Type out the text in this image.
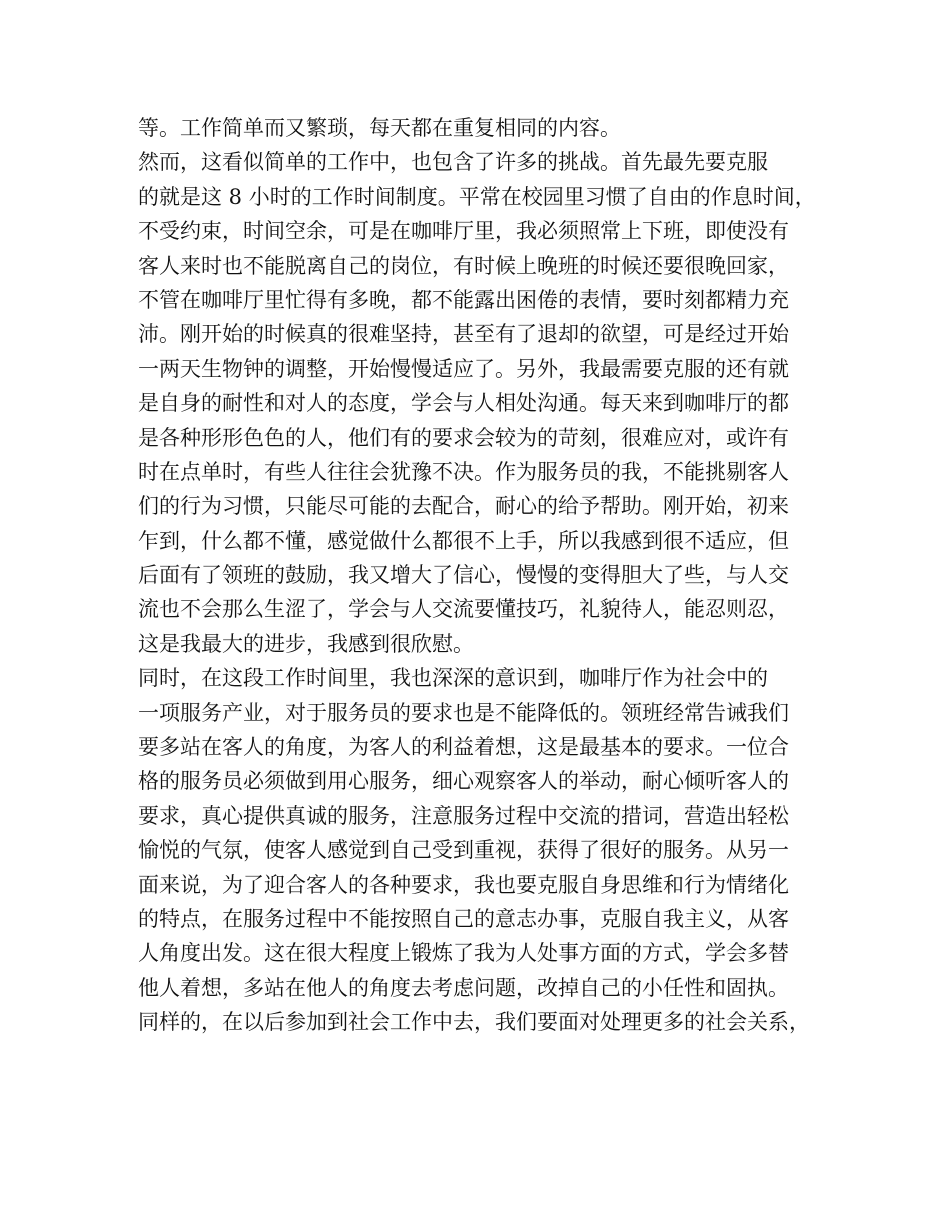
等。工作简单而又繁琐，每天都在重复相同的内容。
然而，这看似简单的工作中，也包含了许多的挑战。首先最先要克服
的就是这 8 小时的工作时间制度。平常在校园里习惯了自由的作息时间，
不受约束，时间空余，可是在咖啡厅里，我必须照常上下班，即使没有
客人来时也不能脱离自己的岗位，有时候上晚班的时候还要很晚回家，
不管在咖啡厅里忙得有多晚，都不能露出困倦的表情，要时刻都精力充
沛。刚开始的时候真的很难坚持，甚至有了退却的欲望，可是经过开始
一两天生物钟的调整，开始慢慢适应了。另外，我最需要克服的还有就
是自身的耐性和对人的态度，学会与人相处沟通。每天来到咖啡厅的都
是各种形形色色的人，他们有的要求会较为的苛刻，很难应对，或许有
时在点单时，有些人往往会犹豫不决。作为服务员的我，不能挑剔客人
们的行为习惯，只能尽可能的去配合，耐心的给予帮助。刚开始，初来
乍到，什么都不懂，感觉做什么都很不上手，所以我感到很不适应，但
后面有了领班的鼓励，我又增大了信心，慢慢的变得胆大了些，与人交
流也不会那么生涩了，学会与人交流要懂技巧，礼貌待人，能忍则忍，
这是我最大的进步，我感到很欣慰。
同时，在这段工作时间里，我也深深的意识到，咖啡厅作为社会中的
一项服务产业，对于服务员的要求也是不能降低的。领班经常告诫我们
要多站在客人的角度，为客人的利益着想，这是最基本的要求。一位合
格的服务员必须做到用心服务，细心观察客人的举动，耐心倾听客人的
要求，真心提供真诚的服务，注意服务过程中交流的措词，营造出轻松
愉悦的气氛，使客人感觉到自己受到重视，获得了很好的服务。从另一
面来说，为了迎合客人的各种要求，我也要克服自身思维和行为情绪化
的特点，在服务过程中不能按照自己的意志办事，克服自我主义，从客
人角度出发。这在很大程度上锻炼了我为人处事方面的方式，学会多替
他人着想，多站在他人的角度去考虑问题，改掉自己的小任性和固执。
同样的，在以后参加到社会工作中去，我们要面对处理更多的社会关系，
